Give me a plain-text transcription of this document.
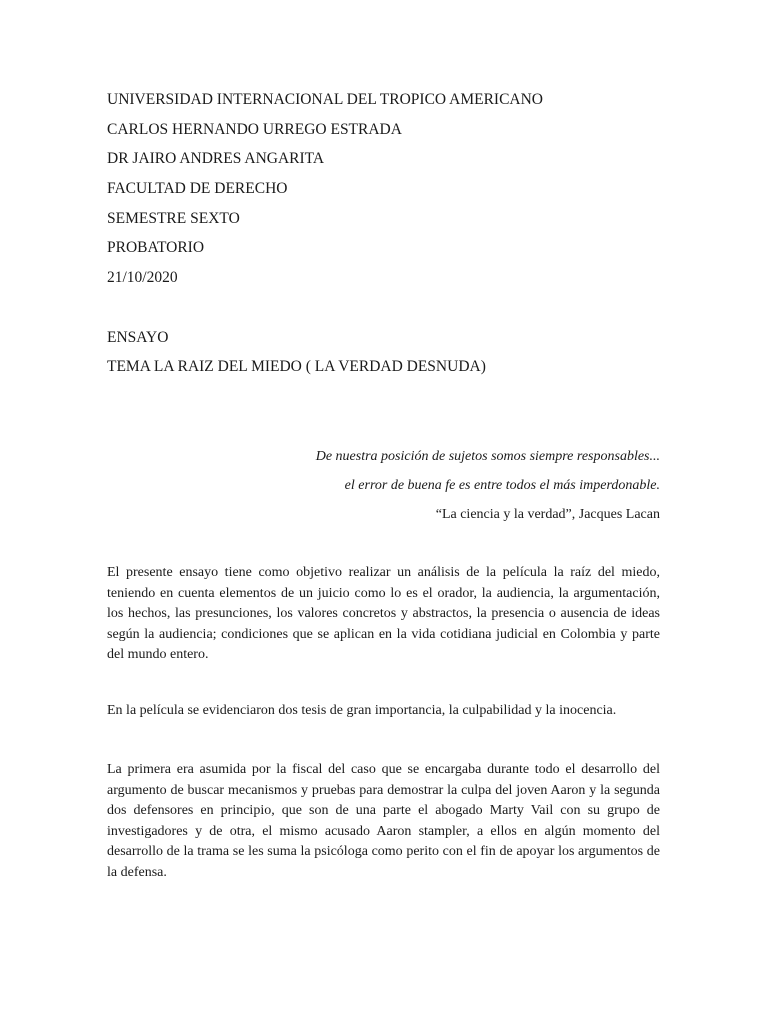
UNIVERSIDAD INTERNACIONAL DEL TROPICO AMERICANO
CARLOS HERNANDO URREGO ESTRADA
DR JAIRO ANDRES ANGARITA
FACULTAD DE DERECHO
SEMESTRE SEXTO
PROBATORIO
21/10/2020
ENSAYO
TEMA LA RAIZ DEL MIEDO ( LA VERDAD DESNUDA)
De nuestra posición de sujetos somos siempre responsables...
el error de buena fe es entre todos el más imperdonable.
“La ciencia y la verdad”, Jacques Lacan

El presente ensayo tiene como objetivo realizar un análisis de la película la raíz del miedo, teniendo en cuenta elementos de un juicio como lo es el orador, la audiencia, la argumentación, los hechos, las presunciones, los valores concretos y abstractos, la presencia o ausencia de ideas según la audiencia; condiciones que se aplican en la vida cotidiana judicial en Colombia y parte del mundo entero.

En la película se evidenciaron dos tesis de gran importancia, la culpabilidad y la inocencia.

La primera era asumida por la fiscal del caso que se encargaba durante todo el desarrollo del argumento de buscar mecanismos y pruebas para demostrar la culpa del joven Aaron y la segunda dos defensores en principio, que son de una parte el abogado Marty Vail con su grupo de investigadores y de otra, el mismo acusado Aaron stampler, a ellos en algún momento del desarrollo de la trama se les suma la psicóloga como perito con el fin de apoyar los argumentos de la defensa.
